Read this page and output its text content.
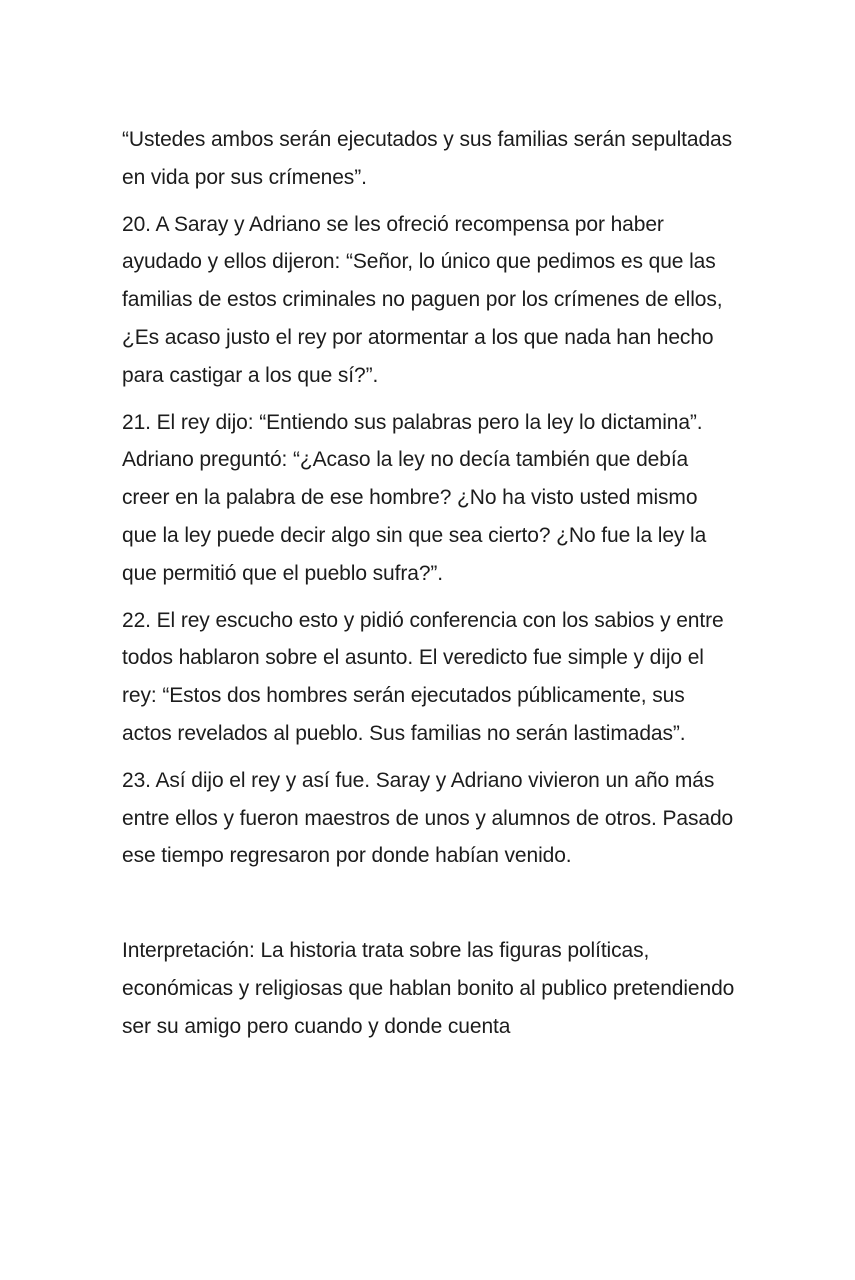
“Ustedes ambos serán ejecutados y sus familias serán sepultadas en vida por sus crímenes”.

20. A Saray y Adriano se les ofreció recompensa por haber ayudado y ellos dijeron: “Señor, lo único que pedimos es que las familias de estos criminales no paguen por los crímenes de ellos, ¿Es acaso justo el rey por atormentar a los que nada han hecho para castigar a los que sí?”.

21. El rey dijo: “Entiendo sus palabras pero la ley lo dictamina”. Adriano preguntó: “¿Acaso la ley no decía también que debía creer en la palabra de ese hombre? ¿No ha visto usted mismo que la ley puede decir algo sin que sea cierto? ¿No fue la ley la que permitió que el pueblo sufra?”.

22. El rey escucho esto y pidió conferencia con los sabios y entre todos hablaron sobre el asunto. El veredicto fue simple y dijo el rey: “Estos dos hombres serán ejecutados públicamente, sus actos revelados al pueblo. Sus familias no serán lastimadas”.

23. Así dijo el rey y así fue. Saray y Adriano vivieron un año más entre ellos y fueron maestros de unos y alumnos de otros. Pasado ese tiempo regresaron por donde habían venido.

Interpretación: La historia trata sobre las figuras políticas, económicas y religiosas que hablan bonito al publico pretendiendo ser su amigo pero cuando y donde cuenta
